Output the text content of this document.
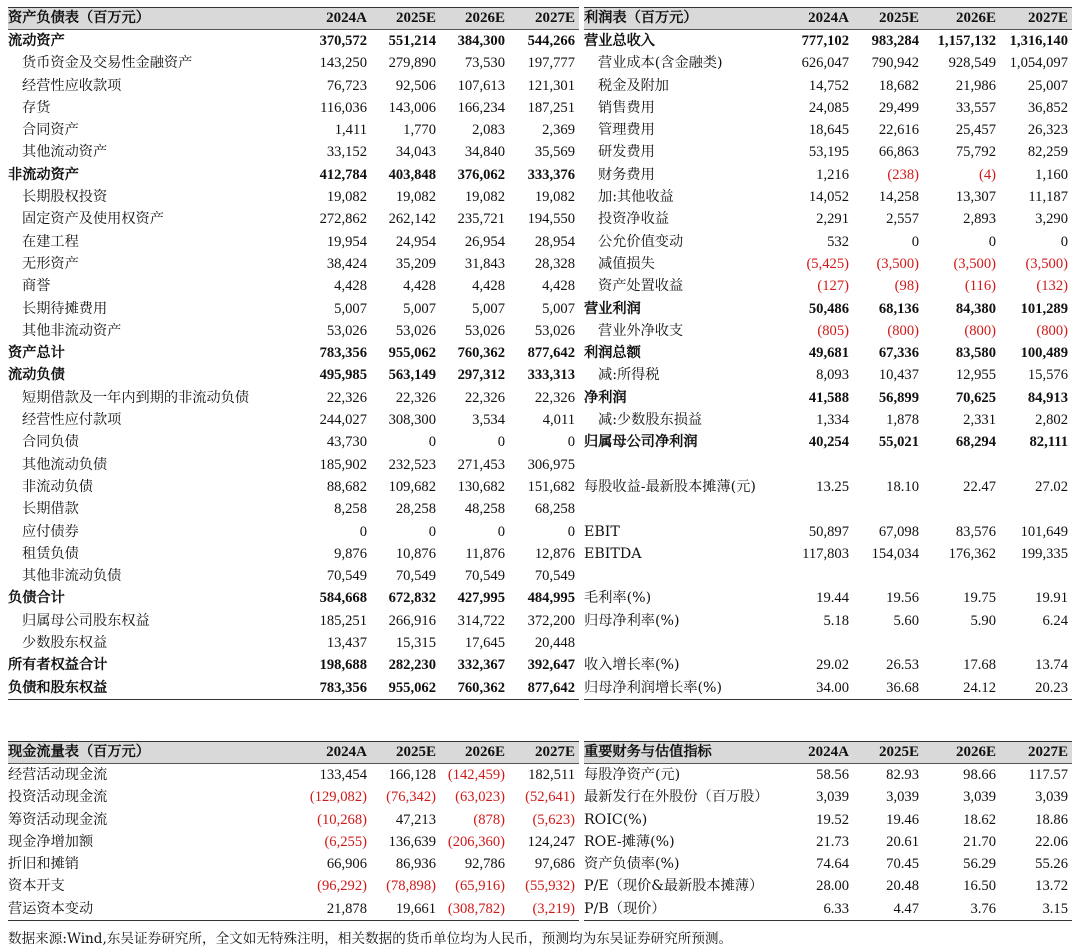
资产负债表（百万元）	2024A	2025E	2026E	2027E
流动资产	370,572	551,214	384,300	544,266
货币资金及交易性金融资产	143,250	279,890	73,530	197,777
经营性应收款项	76,723	92,506	107,613	121,301
存货	116,036	143,006	166,234	187,251
合同资产	1,411	1,770	2,083	2,369
其他流动资产	33,152	34,043	34,840	35,569
非流动资产	412,784	403,848	376,062	333,376
长期股权投资	19,082	19,082	19,082	19,082
固定资产及使用权资产	272,862	262,142	235,721	194,550
在建工程	19,954	24,954	26,954	28,954
无形资产	38,424	35,209	31,843	28,328
商誉	4,428	4,428	4,428	4,428
长期待摊费用	5,007	5,007	5,007	5,007
其他非流动资产	53,026	53,026	53,026	53,026
资产总计	783,356	955,062	760,362	877,642
流动负债	495,985	563,149	297,312	333,313
短期借款及一年内到期的非流动负债	22,326	22,326	22,326	22,326
经营性应付款项	244,027	308,300	3,534	4,011
合同负债	43,730	0	0	0
其他流动负债	185,902	232,523	271,453	306,975
非流动负债	88,682	109,682	130,682	151,682
长期借款	8,258	28,258	48,258	68,258
应付债券	0	0	0	0
租赁负债	9,876	10,876	11,876	12,876
其他非流动负债	70,549	70,549	70,549	70,549
负债合计	584,668	672,832	427,995	484,995
归属母公司股东权益	185,251	266,916	314,722	372,200
少数股东权益	13,437	15,315	17,645	20,448
所有者权益合计	198,688	282,230	332,367	392,647
负债和股东权益	783,356	955,062	760,362	877,642
利润表（百万元）	2024A	2025E	2026E	2027E
营业总收入	777,102	983,284	1,157,132	1,316,140
营业成本(含金融类)	626,047	790,942	928,549	1,054,097
税金及附加	14,752	18,682	21,986	25,007
销售费用	24,085	29,499	33,557	36,852
管理费用	18,645	22,616	25,457	26,323
研发费用	53,195	66,863	75,792	82,259
财务费用	1,216	(238)	(4)	1,160
加:其他收益	14,052	14,258	13,307	11,187
投资净收益	2,291	2,557	2,893	3,290
公允价值变动	532	0	0	0
减值损失	(5,425)	(3,500)	(3,500)	(3,500)
资产处置收益	(127)	(98)	(116)	(132)
营业利润	50,486	68,136	84,380	101,289
营业外净收支	(805)	(800)	(800)	(800)
利润总额	49,681	67,336	83,580	100,489
减:所得税	8,093	10,437	12,955	15,576
净利润	41,588	56,899	70,625	84,913
减:少数股东损益	1,334	1,878	2,331	2,802
归属母公司净利润	40,254	55,021	68,294	82,111

每股收益-最新股本摊薄(元)	13.25	18.10	22.47	27.02

EBIT	50,897	67,098	83,576	101,649
EBITDA	117,803	154,034	176,362	199,335

毛利率(%)	19.44	19.56	19.75	19.91
归母净利率(%)	5.18	5.60	5.90	6.24

收入增长率(%)	29.02	26.53	17.68	13.74
归母净利润增长率(%)	34.00	36.68	24.12	20.23
现金流量表（百万元）	2024A	2025E	2026E	2027E
经营活动现金流	133,454	166,128	(142,459)	182,511
投资活动现金流	(129,082)	(76,342)	(63,023)	(52,641)
筹资活动现金流	(10,268)	47,213	(878)	(5,623)
现金净增加额	(6,255)	136,639	(206,360)	124,247
折旧和摊销	66,906	86,936	92,786	97,686
资本开支	(96,292)	(78,898)	(65,916)	(55,932)
营运资本变动	21,878	19,661	(308,782)	(3,219)
重要财务与估值指标	2024A	2025E	2026E	2027E
每股净资产(元)	58.56	82.93	98.66	117.57
最新发行在外股份（百万股）	3,039	3,039	3,039	3,039
ROIC(%)	19.52	19.46	18.62	18.86
ROE-摊薄(%)	21.73	20.61	21.70	22.06
资产负债率(%)	74.64	70.45	56.29	55.26
P/E（现价&最新股本摊薄）	28.00	20.48	16.50	13.72
P/B（现价）	6.33	4.47	3.76	3.15
数据来源:Wind,东吴证券研究所，全文如无特殊注明，相关数据的货币单位均为人民币，预测均为东吴证券研究所预测。
